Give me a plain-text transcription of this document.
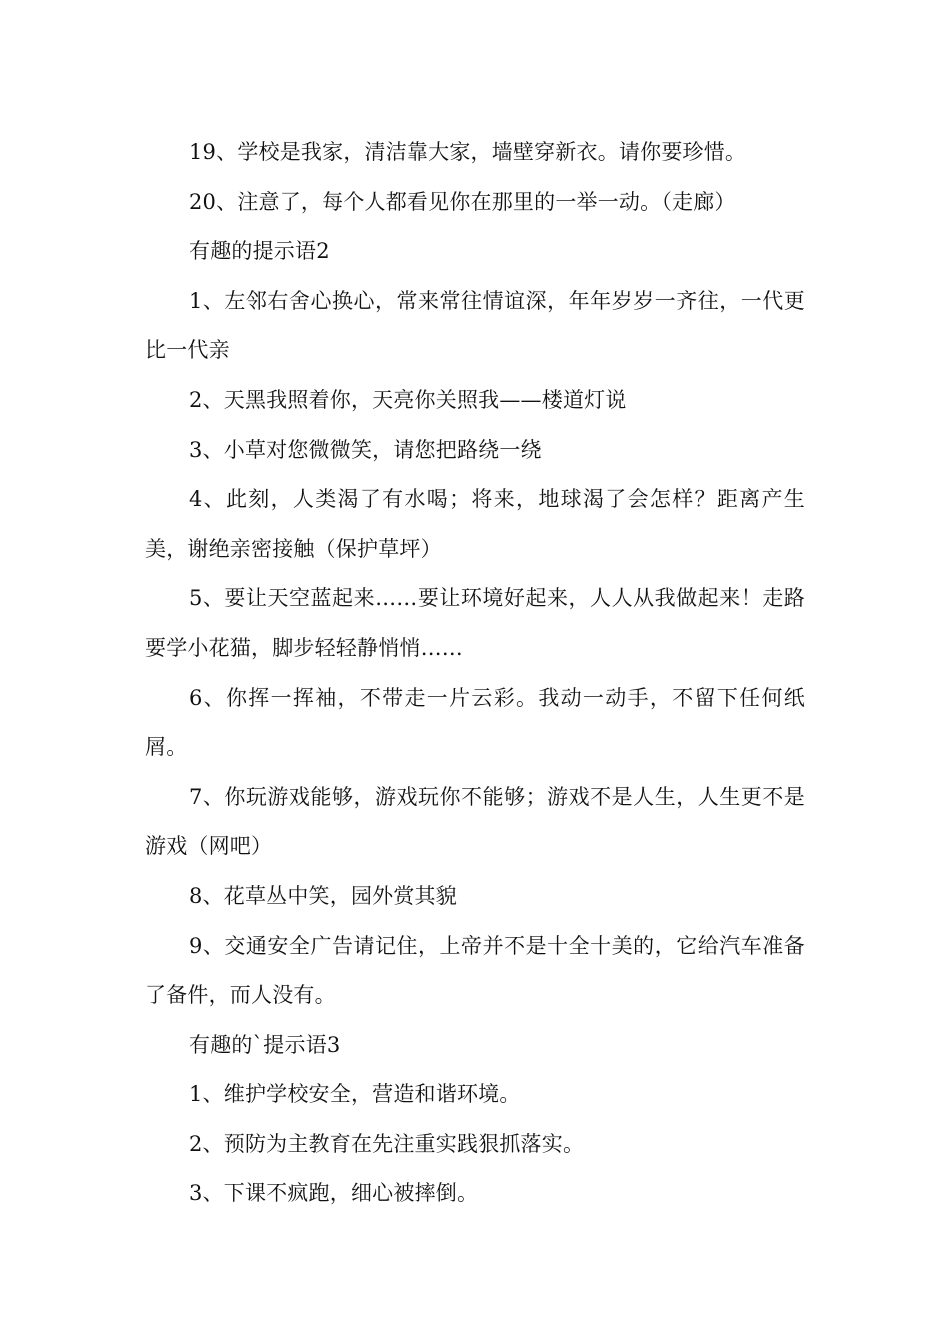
19、学校是我家，清洁靠大家，墙壁穿新衣。请你要珍惜。

20、注意了，每个人都看见你在那里的一举一动。（走廊）

有趣的提示语2

1、左邻右舍心换心，常来常往情谊深，年年岁岁一齐往，一代更比一代亲

2、天黑我照着你，天亮你关照我——楼道灯说

3、小草对您微微笑，请您把路绕一绕

4、此刻，人类渴了有水喝；将来，地球渴了会怎样？距离产生美，谢绝亲密接触（保护草坪）

5、要让天空蓝起来……要让环境好起来，人人从我做起来！走路要学小花猫，脚步轻轻静悄悄……

6、你挥一挥袖，不带走一片云彩。我动一动手，不留下任何纸屑。

7、你玩游戏能够，游戏玩你不能够；游戏不是人生，人生更不是游戏（网吧）

8、花草丛中笑，园外赏其貌

9、交通安全广告请记住，上帝并不是十全十美的，它给汽车准备了备件，而人没有。

有趣的`提示语3

1、维护学校安全，营造和谐环境。

2、预防为主教育在先注重实践狠抓落实。

3、下课不疯跑，细心被摔倒。
